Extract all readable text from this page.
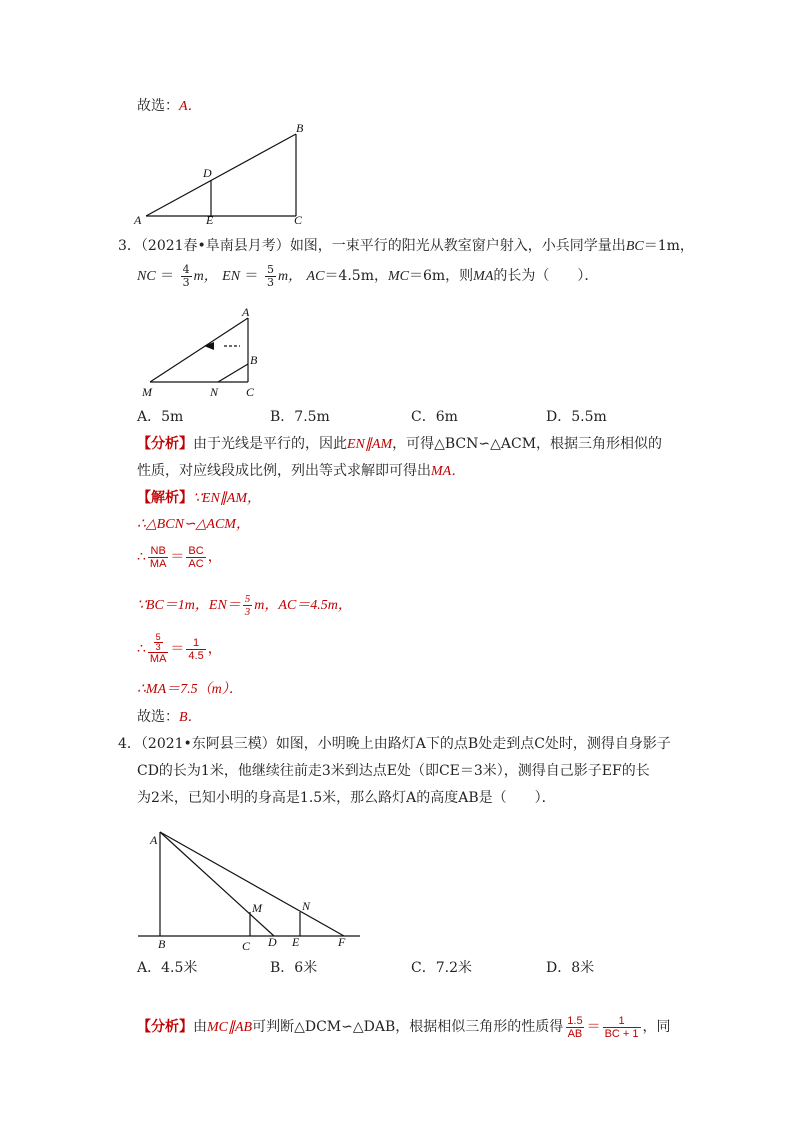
故选：A．
A
B
C
D
E
3．（2021春•阜南县月考）如图，一束平行的阳光从教室窗户射入，小兵同学量出BC＝1m，
NC ＝ $\frac{4}{3}$ m， EN ＝ $\frac{5}{3}$ m， AC＝4.5m，MC＝6m，则MA的长为（　　）．
A
B
C
M	N
A．5m	B．7.5m	C．6m	D．5.5m
【分析】由于光线是平行的，因此EN∥AM，可得△BCN∽△ACM，根据三角形相似的
性质，对应线段成比例，列出等式求解即可得出MA．
【解析】∵EN∥AM，
∴△BCN∽△ACM，
∴ $\frac{NB}{MA} = \frac{BC}{AC}$ ，
∵BC＝1m，$EN= \frac{5}{3}$ m，AC＝4.5m，
∴ $\frac{\frac{5}{3}}{MA} = \frac{1}{4.5}$ ，
∴MA＝7.5（m）．
故选：B．
4．（2021•东阿县三模）如图，小明晚上由路灯A下的点B处走到点C处时，测得自身影子
CD的长为1米，他继续往前走3米到达点E处（即CE＝3米），测得自己影子EF的长
为2米，已知小明的身高是1.5米，那么路灯A的高度AB是（　　）．
A
B	C D E	F
M	N
A．4.5米	B．6米	C．7.2米	D．8米
【分析】由MC∥AB可判断△DCM∽△DAB，根据相似三角形的性质得 $\frac{1.5}{AB} = \frac{1}{BC + 1}$ ，同
